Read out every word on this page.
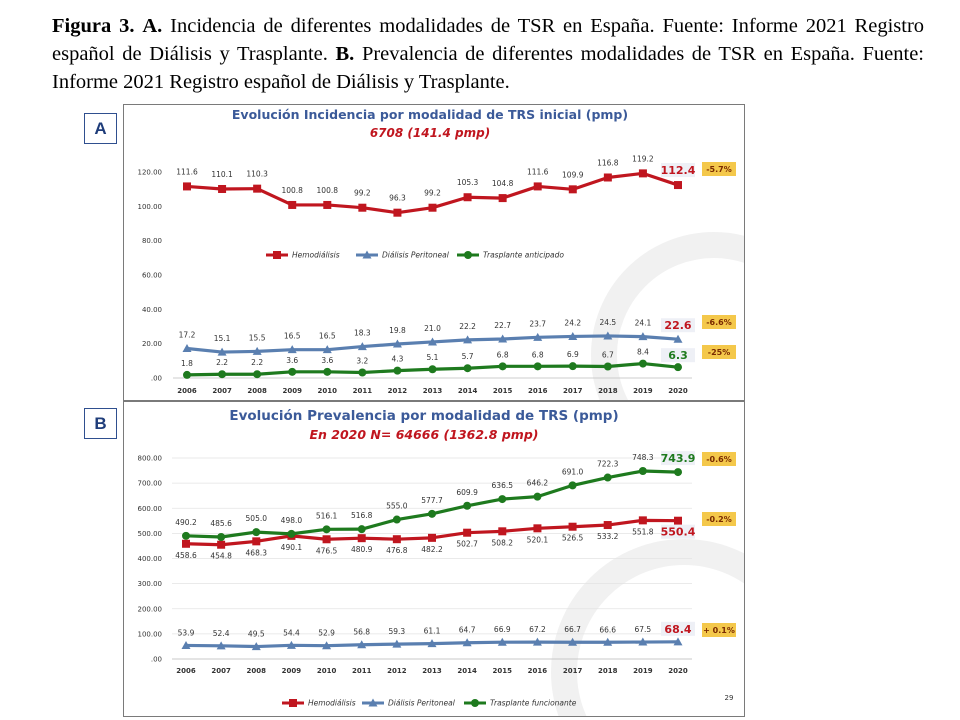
Figura 3. A. Incidencia de diferentes modalidades de TSR en España. Fuente: Informe 2021 Registro español de Diálisis y Trasplante. B. Prevalencia de diferentes modalidades de TSR en España. Fuente: Informe 2021 Registro español de Diálisis y Trasplante.

A
B
Evolución Incidencia por modalidad de TRS inicial (pmp)
6708 (141.4 pmp)
120.00
100.00
80.00
60.00
40.00
20.00
.00
2006 2007 2008 2009 2010 2011 2012 2013 2014 2015 2016 2017 2018 2019 2020
111.6 110.1 110.3
100.8 100.8 99.2
96.3
99.2
105.3 104.8
111.6 109.9
116.8 119.2
112.4 -5.7%
17.2 15.1 15.5 16.5 16.5 18.3 19.8 21.0 22.2 22.7 23.7 24.2 24.5 24.1 22.6 -6.6%
1.8	2.2	2.2	3.6	3.6	3.2	4.3	5.1	5.7	6.8	6.8	6.9	6.7	8.4 6.3	-25%
Hemodiálisis	Diálisis Peritoneal	Trasplante anticipado
Evolución Prevalencia por modalidad de TRS (pmp)
En 2020 N= 64666 (1362.8 pmp)
800.00
700.00
600.00
500.00
400.00
300.00
200.00
100.00
.00
2006 2007 2008 2009 2010 2011 2012 2013 2014 2015 2016 2017 2018 2019 2020
458.6 454.8 468.3
490.1 476.5 480.9 476.8 482.2
502.7 508.2 520.1 526.5 533.2
551.8 550.4
-0.2%
53.9 52.4 49.5 54.4 52.9 56.8 59.3 61.1 64.7 66.9 67.2 66.7 66.6 67.5 68.4 + 0.1%
490.2 485.6
505.0 498.0
516.1 516.8
555.0
577.7
609.9
636.5 646.2
691.0
722.3
748.3 743.9 -0.6%
Hemodiálisis	Diálisis Peritoneal	Trasplante funcionante
29
